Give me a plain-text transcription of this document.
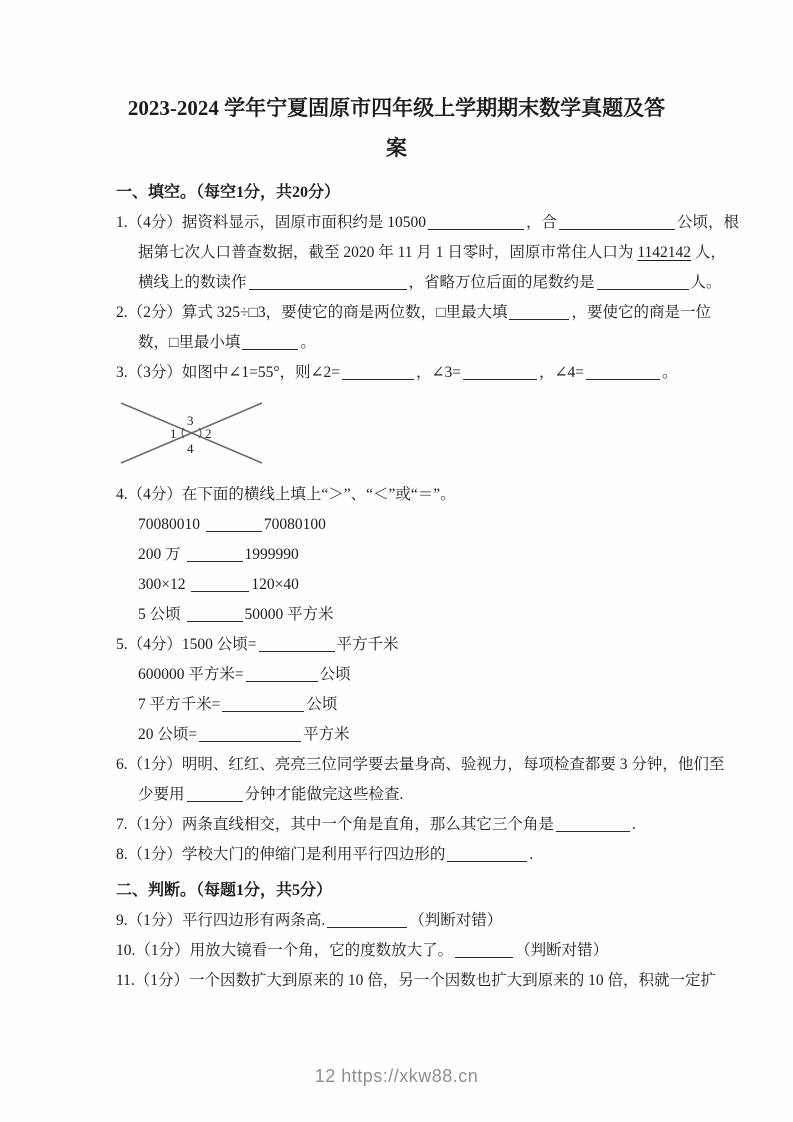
2023-2024 学年宁夏固原市四年级上学期期末数学真题及答
案
一、填空。（每空1分，共20分）
1.（4分）据资料显示，固原市面积约是 10500	，合	公顷，根
据第七次人口普查数据，截至 2020 年 11 月 1 日零时，固原市常住人口为 1142142 人，
横线上的数读作	，省略万位后面的尾数约是	人。
2.（2分）算式 325÷□3，要使它的商是两位数，□里最大填	，要使它的商是一位
数，□里最小填	。
3.（3分）如图中∠1=55°，则∠2=	，∠3=	，∠4=	。
3
1 2
4
4.（4分）在下面的横线上填上“＞”、“＜”或“＝”。
70080010	70080100
200 万	1999990
300×12	120×40
5 公顷	50000 平方米
5.（4分）1500 公顷=	平方千米
600000 平方米=	公顷
7 平方千米=	公顷
20 公顷=	平方米
6.（1分）明明、红红、亮亮三位同学要去量身高、验视力，每项检查都要 3 分钟，他们至
少要用	分钟才能做完这些检查.
7.（1分）两条直线相交，其中一个角是直角，那么其它三个角是	.
8.（1分）学校大门的伸缩门是利用平行四边形的	.
二、判断。（每题1分，共5分）
9.（1分）平行四边形有两条高.	（判断对错）
10.（1分）用放大镜看一个角，它的度数放大了。	（判断对错）
11.（1分）一个因数扩大到原来的 10 倍，另一个因数也扩大到原来的 10 倍，积就一定扩
12 https://xkw88.cn
